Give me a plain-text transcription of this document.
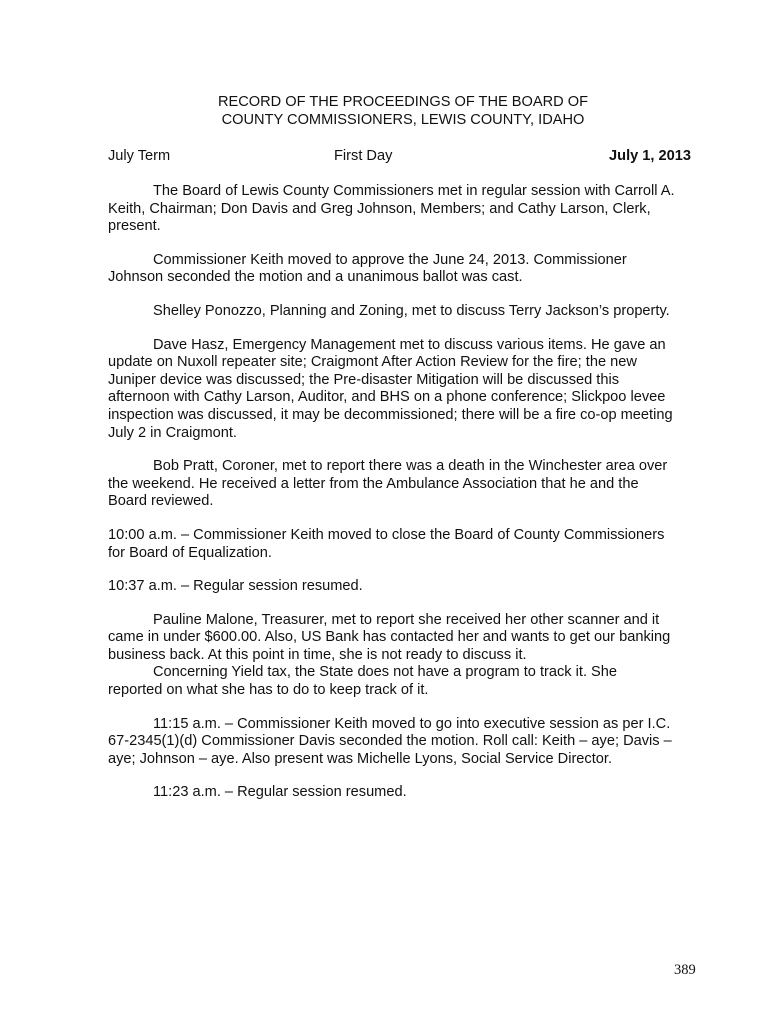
RECORD OF THE PROCEEDINGS OF THE BOARD OF
COUNTY COMMISSIONERS, LEWIS COUNTY, IDAHO
July Term	First Day	July 1, 2013
The Board of Lewis County Commissioners met in regular session with Carroll A.
Keith, Chairman; Don Davis and Greg Johnson, Members; and Cathy Larson, Clerk,
present.
Commissioner Keith moved to approve the June 24, 2013. Commissioner
Johnson seconded the motion and a unanimous ballot was cast.
Shelley Ponozzo, Planning and Zoning, met to discuss Terry Jackson’s property.
Dave Hasz, Emergency Management met to discuss various items. He gave an
update on Nuxoll repeater site; Craigmont After Action Review for the fire; the new
Juniper device was discussed; the Pre-disaster Mitigation will be discussed this
afternoon with Cathy Larson, Auditor, and BHS on a phone conference; Slickpoo levee
inspection was discussed, it may be decommissioned; there will be a fire co-op meeting
July 2 in Craigmont.
Bob Pratt, Coroner, met to report there was a death in the Winchester area over
the weekend. He received a letter from the Ambulance Association that he and the
Board reviewed.
10:00 a.m. – Commissioner Keith moved to close the Board of County Commissioners
for Board of Equalization.
10:37 a.m. – Regular session resumed.
Pauline Malone, Treasurer, met to report she received her other scanner and it
came in under $600.00. Also, US Bank has contacted her and wants to get our banking
business back. At this point in time, she is not ready to discuss it.
Concerning Yield tax, the State does not have a program to track it. She
reported on what she has to do to keep track of it.
11:15 a.m. – Commissioner Keith moved to go into executive session as per I.C.
67-2345(1)(d) Commissioner Davis seconded the motion. Roll call: Keith – aye; Davis –
aye; Johnson – aye. Also present was Michelle Lyons, Social Service Director.
11:23 a.m. – Regular session resumed.
389
